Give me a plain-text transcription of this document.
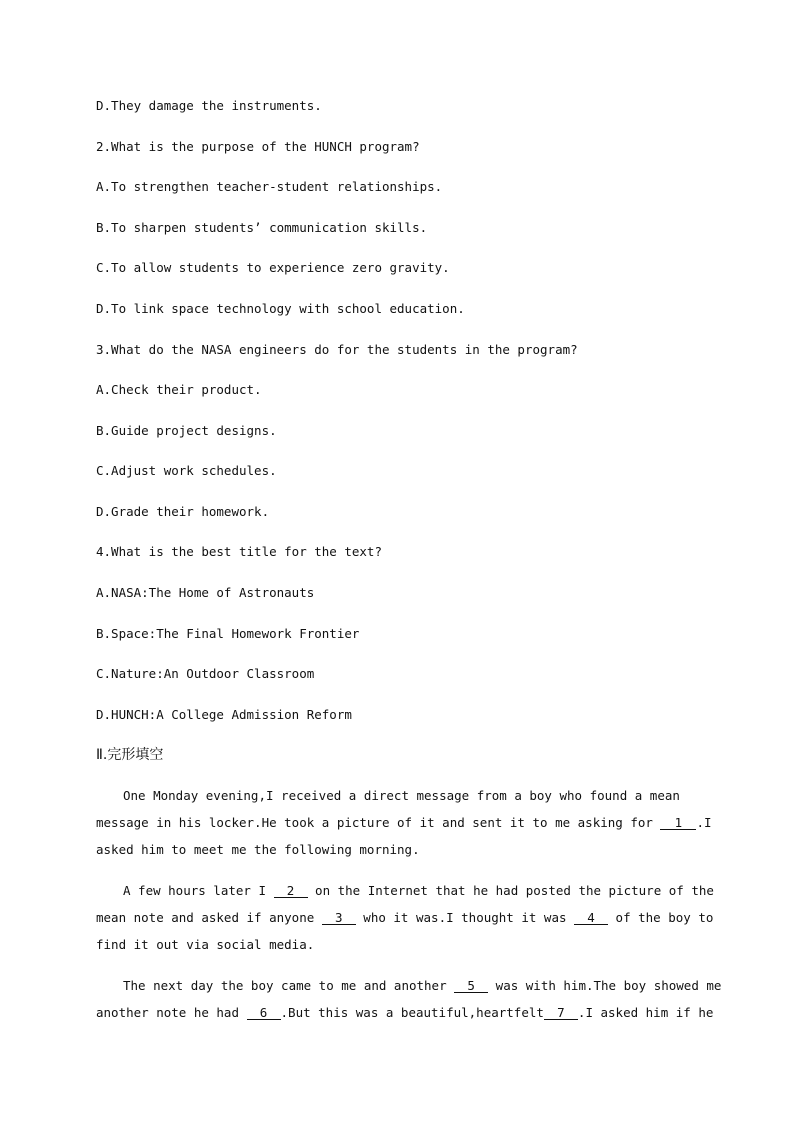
D.They damage the instruments.
2.What is the purpose of the HUNCH program?
A.To strengthen teacher-student relationships.
B.To sharpen students’ communication skills.
C.To allow students to experience zero gravity.
D.To link space technology with school education.
3.What do the NASA engineers do for the students in the program?
A.Check their product.
B.Guide project designs.
C.Adjust work schedules.
D.Grade their homework.
4.What is the best title for the text?
A.NASA:The Home of Astronauts
B.Space:The Final Homework Frontier
C.Nature:An Outdoor Classroom
D.HUNCH:A College Admission Reform
Ⅱ.完形填空
One Monday evening,I received a direct message from a boy who found a mean
message in his locker.He took a picture of it and sent it to me asking for 1 .I
asked him to meet me the following morning.
A few hours later I 2 on the Internet that he had posted the picture of the
mean note and asked if anyone 3 who it was.I thought it was 4 of the boy to
find it out via social media.
The next day the boy came to me and another 5 was with him.The boy showed me
another note he had 6 .But this was a beautiful,heartfelt 7 .I asked him if he
